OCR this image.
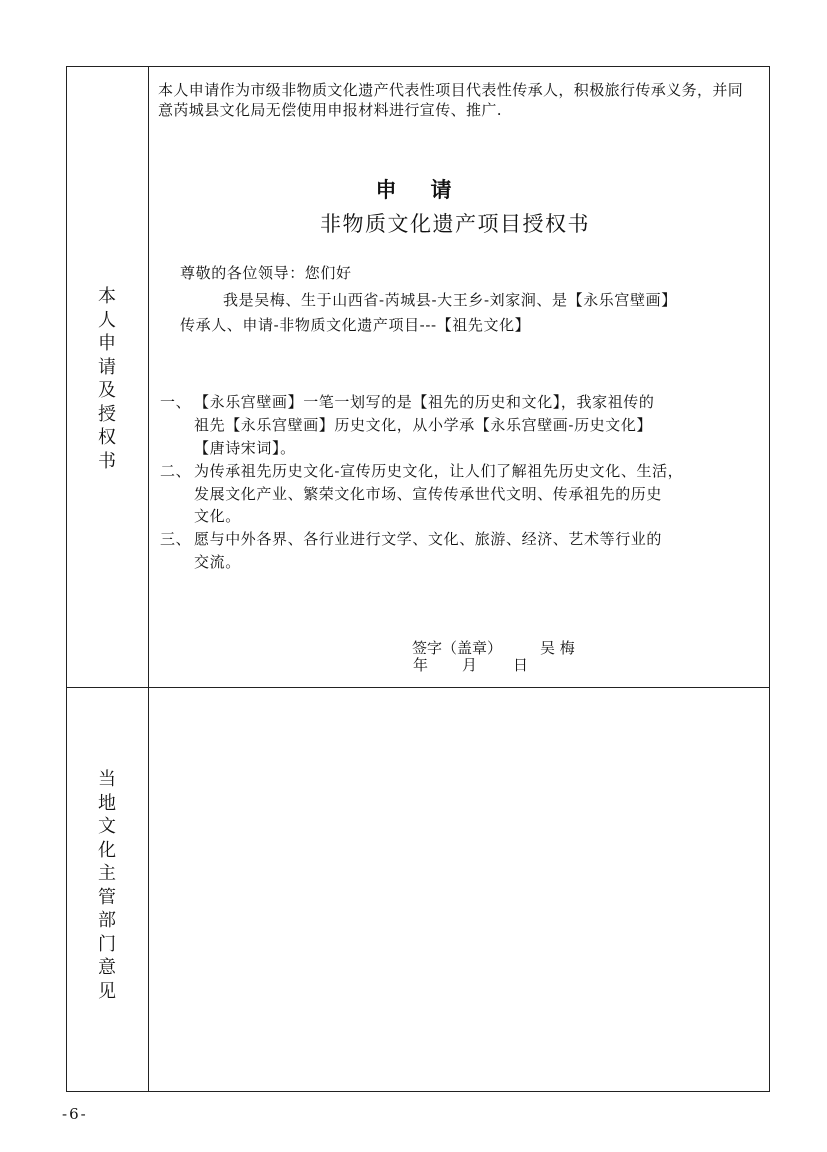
本
人
申
请
及
授
权
书
当
地
文
化
主
管
部
门
意
见
本人申请作为市级非物质文化遗产代表性项目代表性传承人，积极旅行传承义务，并同意芮城县文化局无偿使用申报材料进行宣传、推广.
申请
非物质文化遗产项目授权书
尊敬的各位领导：您们好
我是吴梅、生于山西省-芮城县-大王乡-刘家涧、是【永乐宫壁画】
传承人、申请-非物质文化遗产项目---【祖先文化】
一、 【永乐宫壁画】一笔一划写的是【祖先的历史和文化】，我家祖传的
祖先【永乐宫壁画】历史文化，从小学承【永乐宫壁画-历史文化】
【唐诗宋词】。
二、 为传承祖先历史文化-宣传历史文化，让人们了解祖先历史文化、生活，
发展文化产业、繁荣文化市场、宣传传承世代文明、传承祖先的历史
文化。
三、 愿与中外各界、各行业进行文学、文化、旅游、经济、艺术等行业的
交流。
签字（盖章）	吴 梅
年 月 日
-6-
